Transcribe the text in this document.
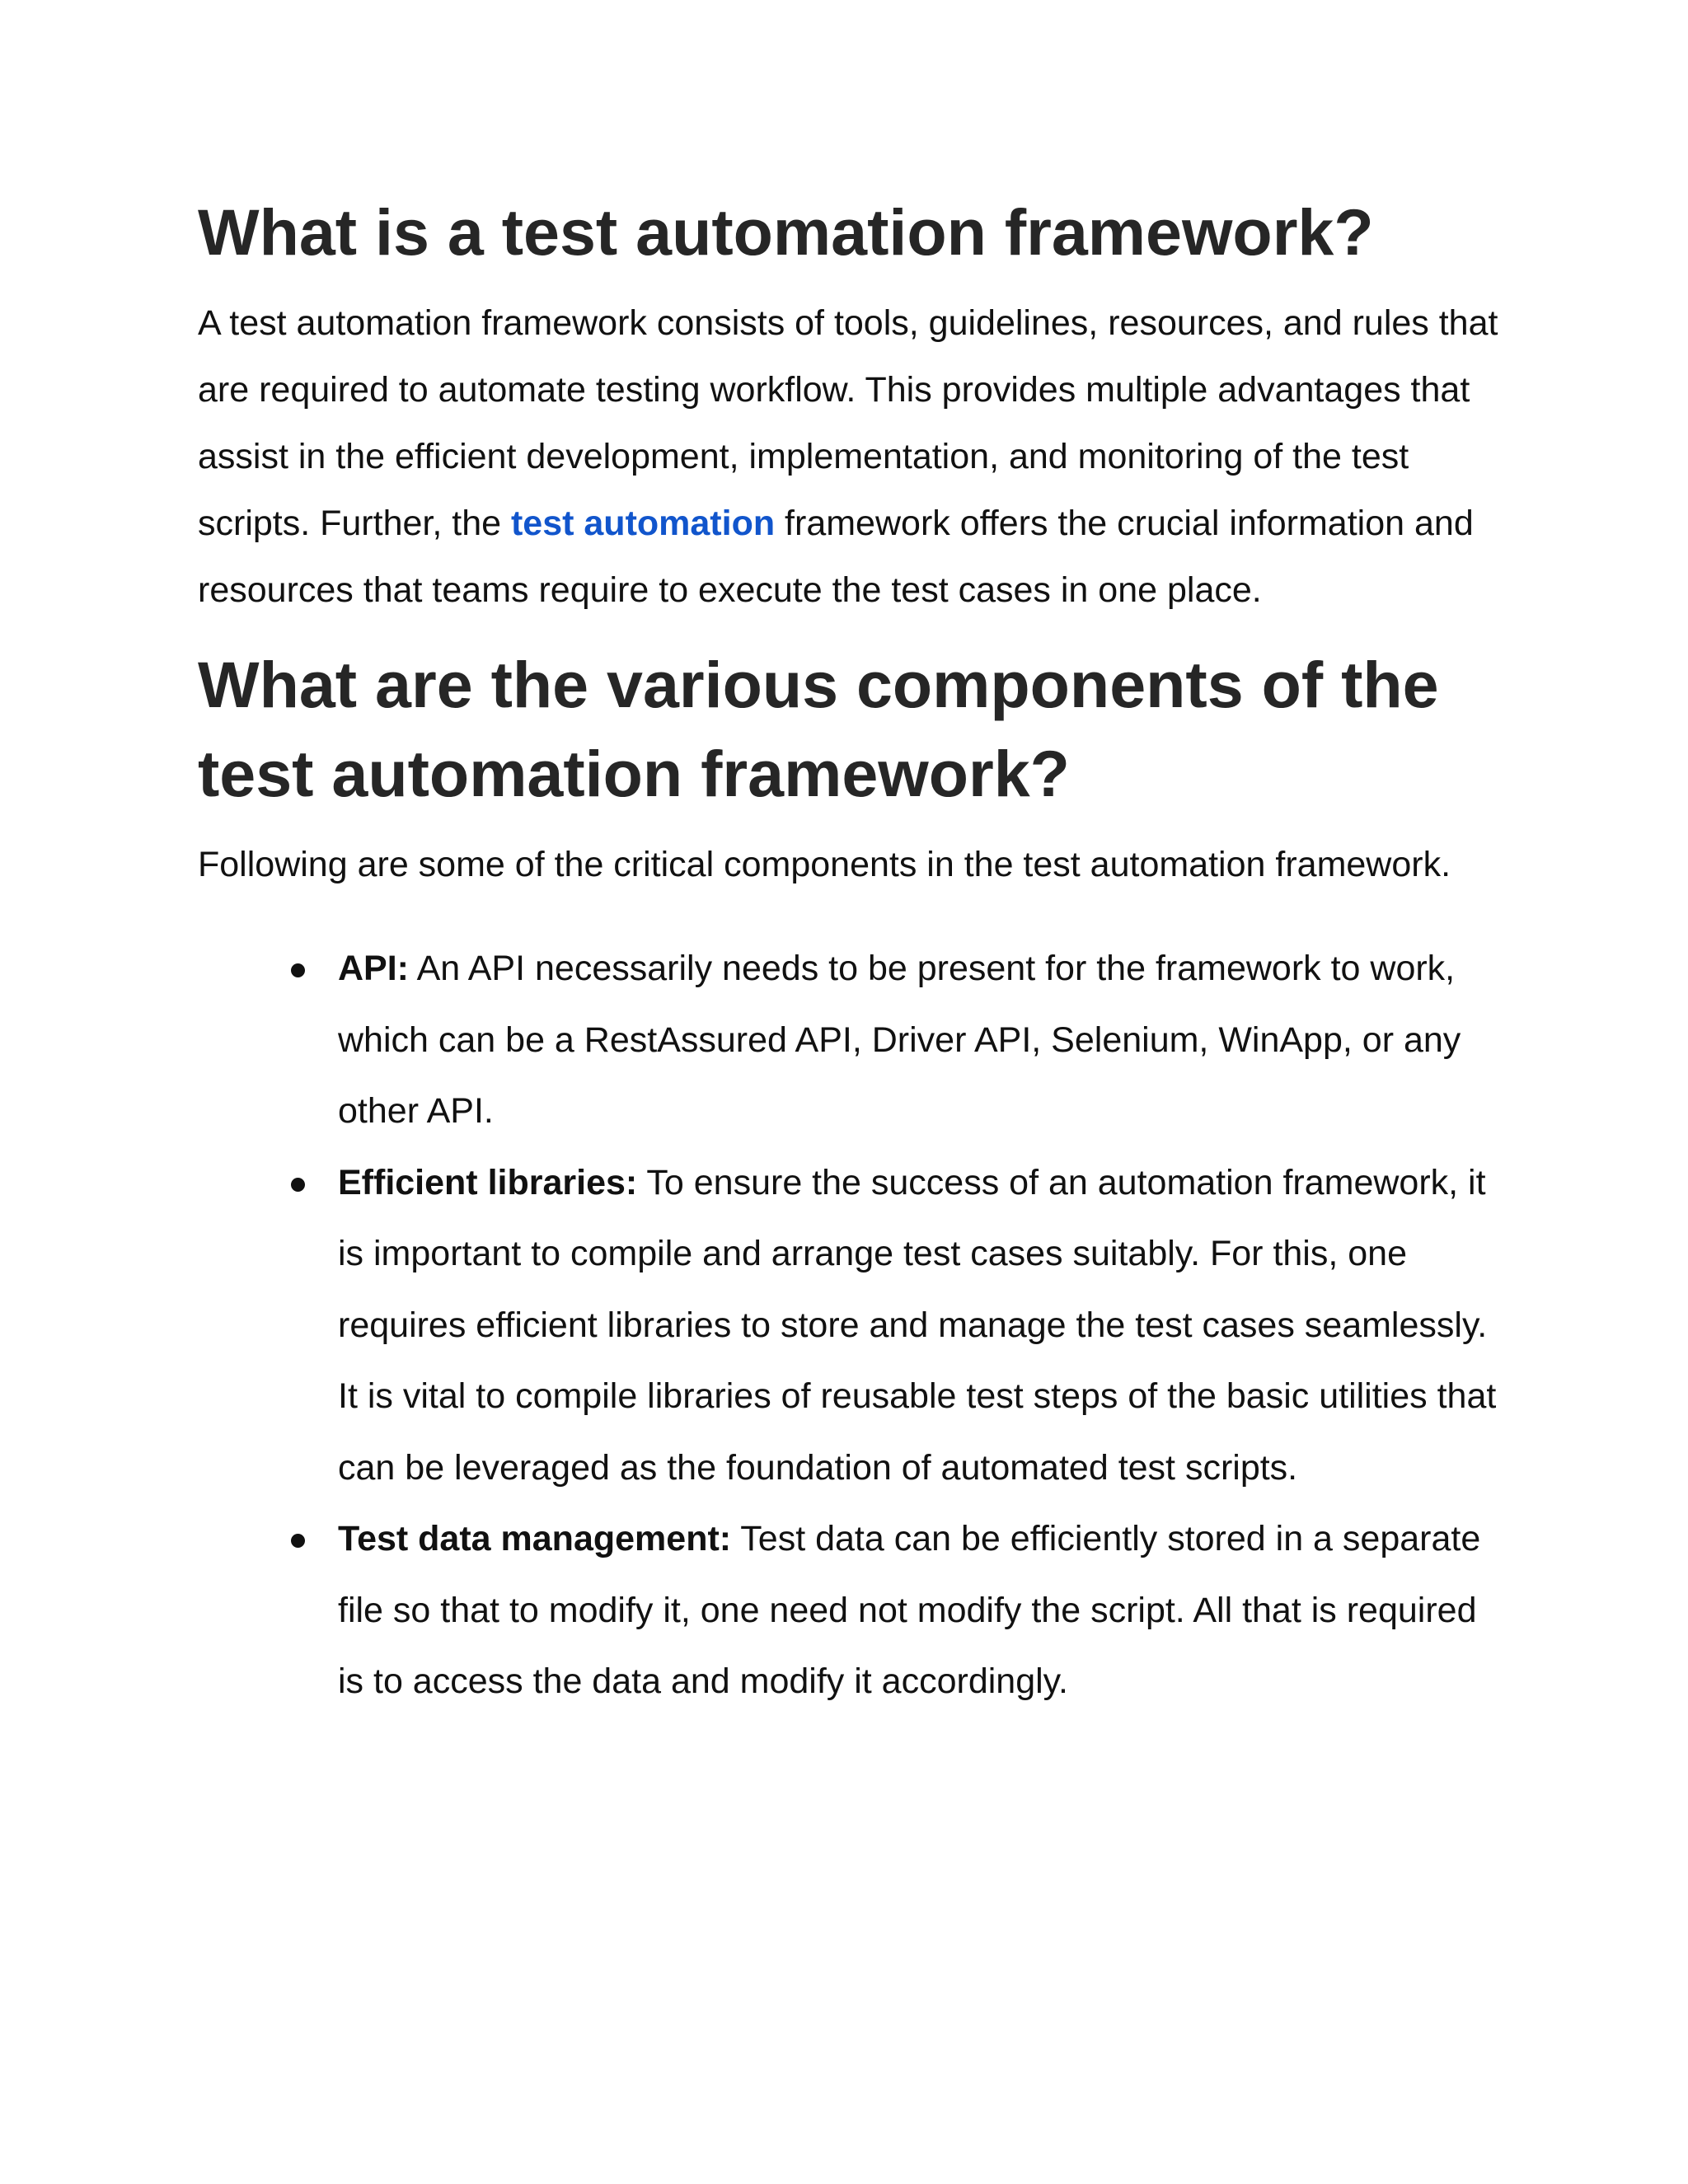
What is a test automation framework?

A test automation framework consists of tools, guidelines, resources, and rules that are required to automate testing workflow. This provides multiple advantages that assist in the efficient development, implementation, and monitoring of the test scripts. Further, the test automation framework offers the crucial information and resources that teams require to execute the test cases in one place.

What are the various components of the test automation framework?

Following are some of the critical components in the test automation framework.

API: An API necessarily needs to be present for the framework to work, which can be a RestAssured API, Driver API, Selenium, WinApp, or any other API.
Efficient libraries: To ensure the success of an automation framework, it is important to compile and arrange test cases suitably. For this, one requires efficient libraries to store and manage the test cases seamlessly. It is vital to compile libraries of reusable test steps of the basic utilities that can be leveraged as the foundation of automated test scripts.
Test data management: Test data can be efficiently stored in a separate file so that to modify it, one need not modify the script. All that is required is to access the data and modify it accordingly.
